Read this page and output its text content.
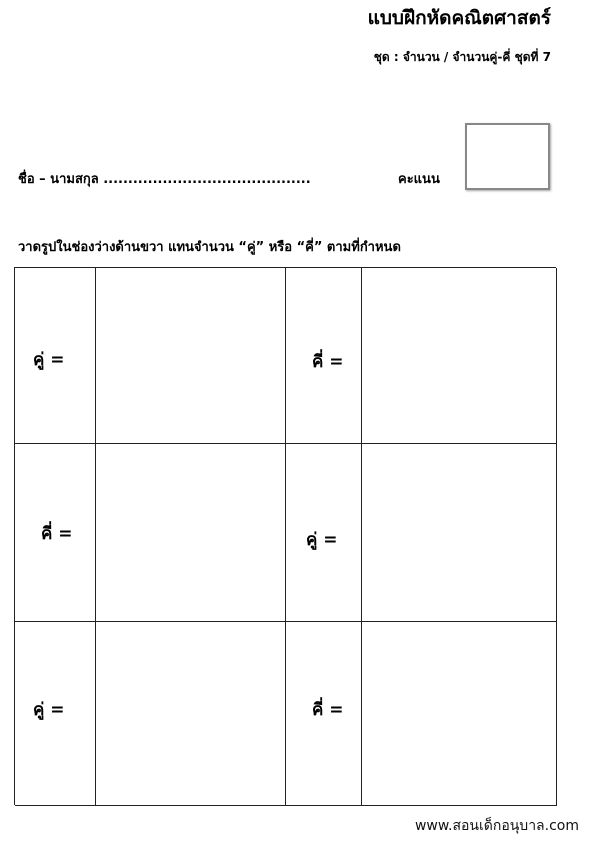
แบบฝึกหัดคณิตศาสตร์
ชุด : จำนวน / จำนวนคู่-คี่ ชุดที่ 7
ชื่อ – นามสกุล ..........................................	คะแนน
วาดรูปในช่องว่างด้านขวา แทนจำนวน “คู่” หรือ “คี่” ตามที่กำหนด
คู่ =	คี่ =
คี่ =	คู่ =
คู่ =	คี่ =
www.สอนเด็กอนุบาล.com
